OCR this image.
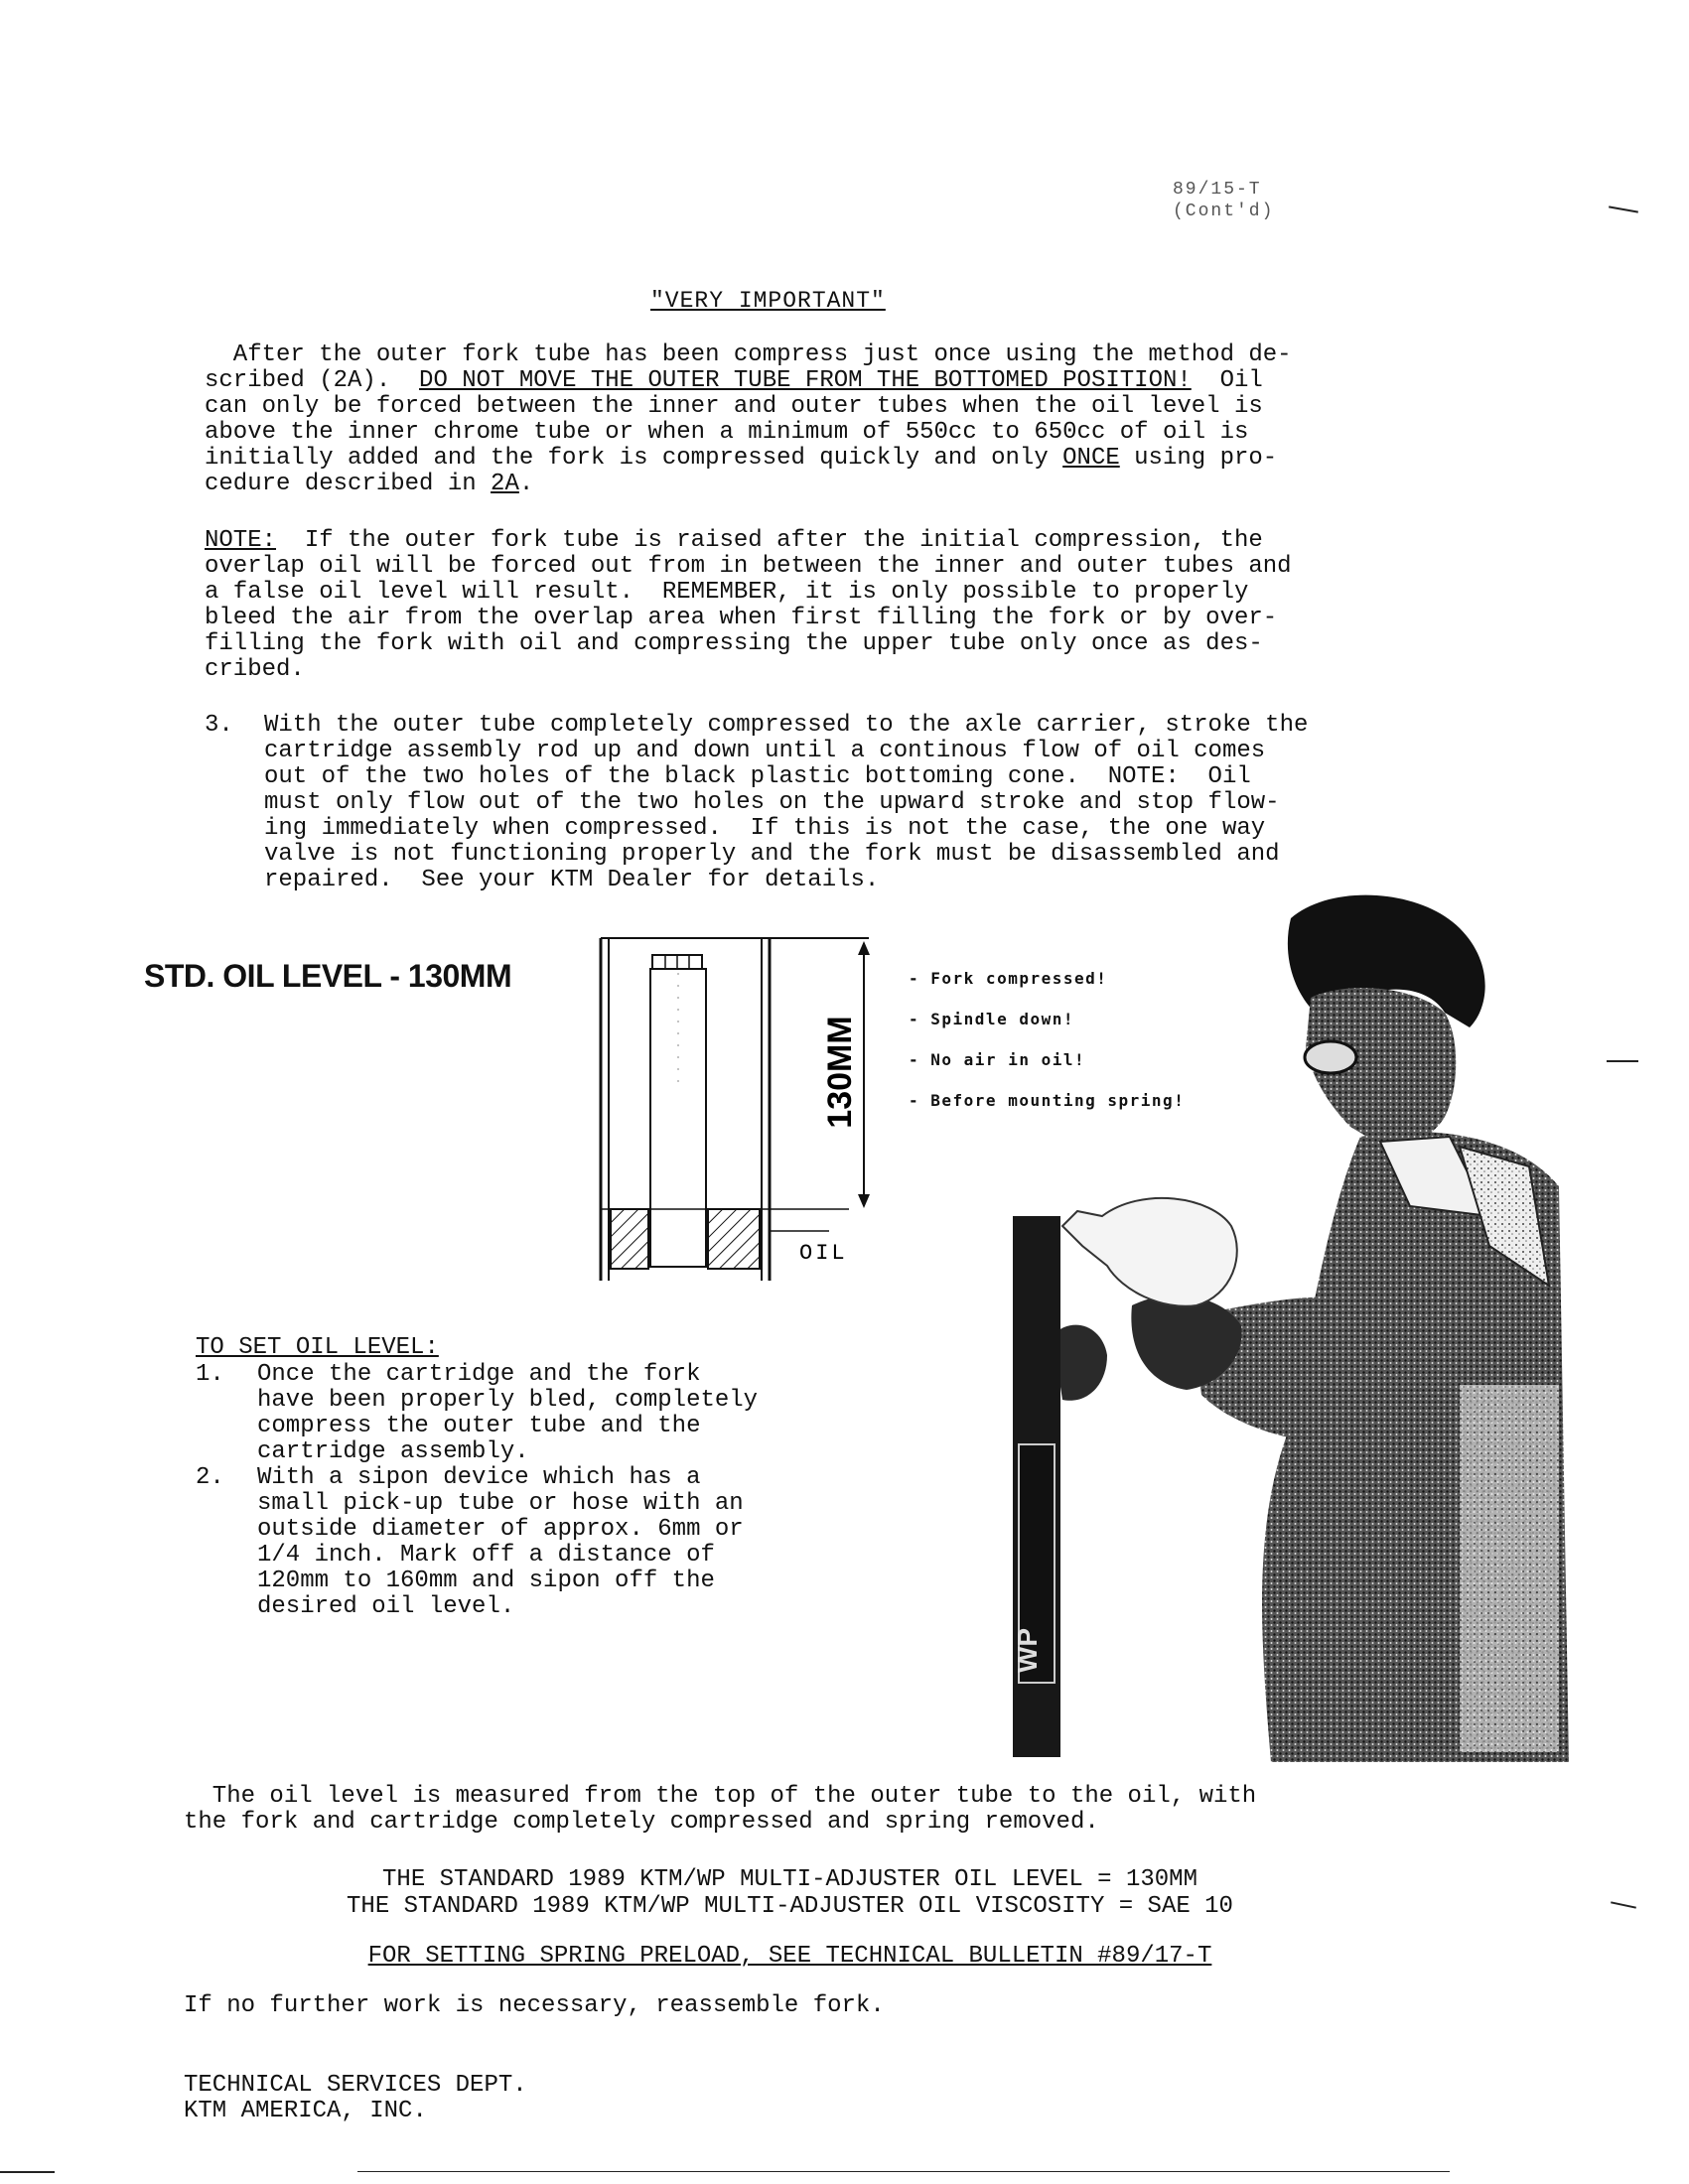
89/15-T
(Cont'd)
"VERY IMPORTANT"
After the outer fork tube has been compress just once using the method de-
scribed (2A).  DO NOT MOVE THE OUTER TUBE FROM THE BOTTOMED POSITION!  Oil
can only be forced between the inner and outer tubes when the oil level is
above the inner chrome tube or when a minimum of 550cc to 650cc of oil is
initially added and the fork is compressed quickly and only ONCE using pro-
cedure described in 2A.
NOTE:  If the outer fork tube is raised after the initial compression, the
overlap oil will be forced out from in between the inner and outer tubes and
a false oil level will result.  REMEMBER, it is only possible to properly
bleed the air from the overlap area when first filling the fork or by over-
filling the fork with oil and compressing the upper tube only once as des-
cribed.
3.	With the outer tube completely compressed to the axle carrier, stroke the
cartridge assembly rod up and down until a continous flow of oil comes
out of the two holes of the black plastic bottoming cone.  NOTE:  Oil
must only flow out of the two holes on the upward stroke and stop flow-
ing immediately when compressed.  If this is not the case, the one way
valve is not functioning properly and the fork must be disassembled and
repaired.  See your KTM Dealer for details.
STD. OIL LEVEL - 130MM
130MM
OIL
- Fork compressed!
- Spindle down!
- No air in oil!
- Before mounting spring!
WP
TO SET OIL LEVEL:
1.	Once the cartridge and the fork
have been properly bled, completely
compress the outer tube and the
cartridge assembly.
2.	With a sipon device which has a
small pick-up tube or hose with an
outside diameter of approx. 6mm or
1/4 inch. Mark off a distance of
120mm to 160mm and sipon off the
desired oil level.
The oil level is measured from the top of the outer tube to the oil, with
the fork and cartridge completely compressed and spring removed.
THE STANDARD 1989 KTM/WP MULTI-ADJUSTER OIL LEVEL = 130MM
THE STANDARD 1989 KTM/WP MULTI-ADJUSTER OIL VISCOSITY = SAE 10
FOR SETTING SPRING PRELOAD, SEE TECHNICAL BULLETIN #89/17-T
If no further work is necessary, reassemble fork.
TECHNICAL SERVICES DEPT.
KTM AMERICA, INC.
